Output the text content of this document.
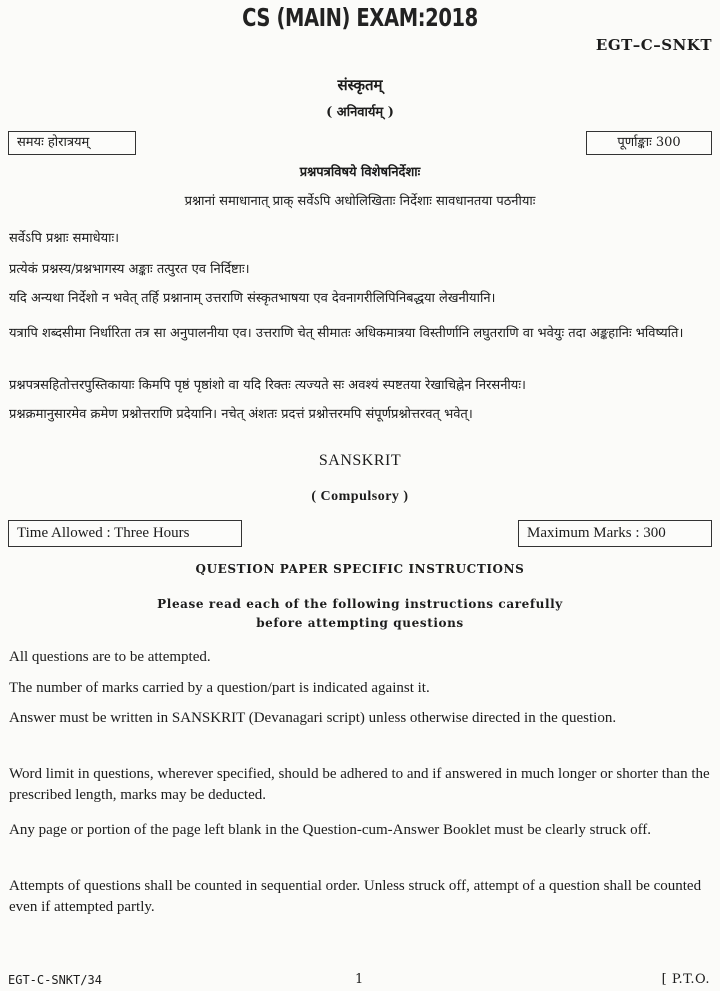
CS (MAIN) EXAM:2018
EGT–C–SNKT
संस्कृतम्
( अनिवार्यम् )
समयः होरात्रयम्	पूर्णाङ्काः 300
प्रश्नपत्रविषये विशेषनिर्देशाः
प्रश्नानां समाधानात् प्राक् सर्वेऽपि अधोलिखिताः निर्देशाः सावधानतया पठनीयाः
सर्वेऽपि प्रश्नाः समाधेयाः।
प्रत्येकं प्रश्नस्य/प्रश्नभागस्य अङ्काः तत्पुरत एव निर्दिष्टाः।
यदि अन्यथा निर्देशो न भवेत् तर्हि प्रश्नानाम् उत्तराणि संस्कृतभाषया एव देवनागरीलिपिनिबद्धया लेखनीयानि।
यत्रापि शब्दसीमा निर्धारिता तत्र सा अनुपालनीया एव। उत्तराणि चेत् सीमातः अधिकमात्रया विस्तीर्णानि लघुतराणि वा भवेयुः तदा अङ्कहानिः भविष्यति।
प्रश्नपत्रसहितोत्तरपुस्तिकायाः किमपि पृष्ठं पृष्ठांशो वा यदि रिक्तः त्यज्यते सः अवश्यं स्पष्टतया रेखाचिह्नेन निरसनीयः।
प्रश्नक्रमानुसारमेव क्रमेण प्रश्नोत्तराणि प्रदेयानि। नचेत् अंशतः प्रदत्तं प्रश्नोत्तरमपि संपूर्णप्रश्नोत्तरवत् भवेत्।
SANSKRIT
( Compulsory )
Time Allowed : Three Hours	Maximum Marks : 300
QUESTION PAPER SPECIFIC INSTRUCTIONS
Please read each of the following instructions carefully
before attempting questions
All questions are to be attempted.
The number of marks carried by a question/part is indicated against it.
Answer must be written in SANSKRIT (Devanagari script) unless otherwise directed in the question.
Word limit in questions, wherever specified, should be adhered to and if answered in much longer or shorter than the prescribed length, marks may be deducted.
Any page or portion of the page left blank in the Question-cum-Answer Booklet must be clearly struck off.
Attempts of questions shall be counted in sequential order. Unless struck off, attempt of a question shall be counted even if attempted partly.
EGT-C-SNKT/34	1	[ P.T.O.
